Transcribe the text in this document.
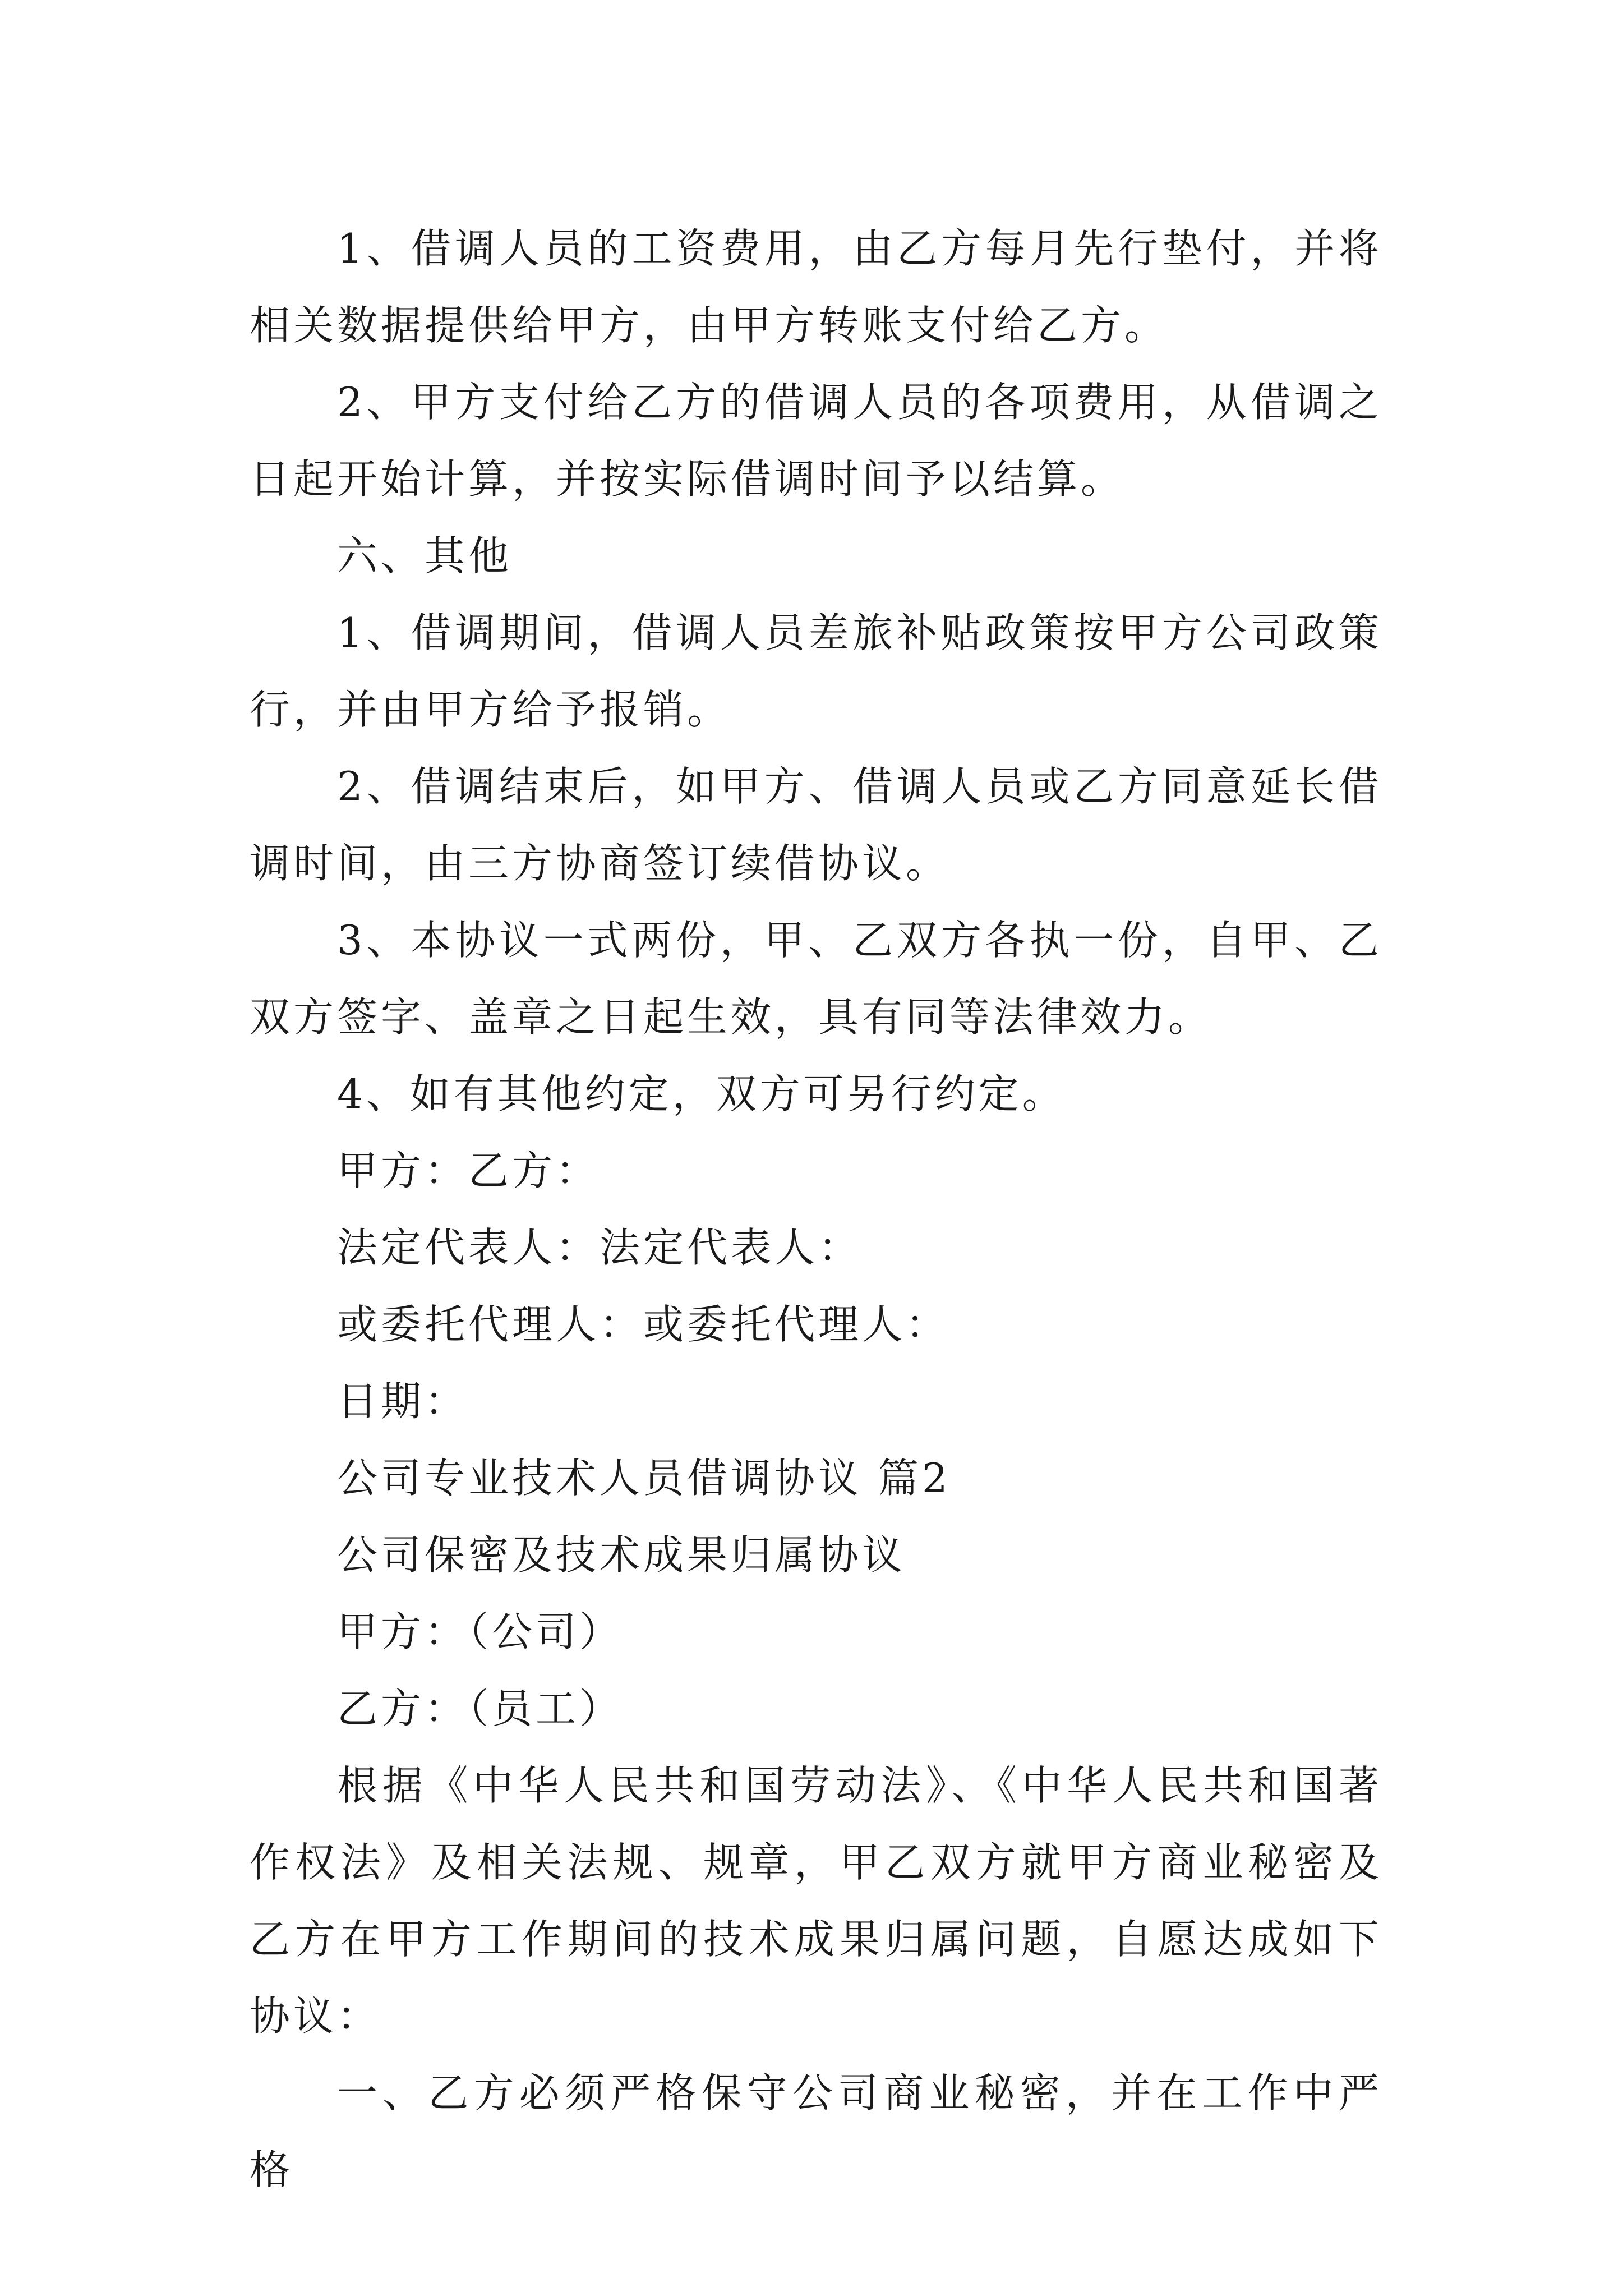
1、借调人员的工资费用，由乙方每月先行垫付，并将相关数据提供给甲方，由甲方转账支付给乙方。

2、甲方支付给乙方的借调人员的各项费用，从借调之日起开始计算，并按实际借调时间予以结算。

六、其他

1、借调期间，借调人员差旅补贴政策按甲方公司政策行，并由甲方给予报销。

2、借调结束后，如甲方、借调人员或乙方同意延长借调时间，由三方协商签订续借协议。

3、本协议一式两份，甲、乙双方各执一份，自甲、乙双方签字、盖章之日起生效，具有同等法律效力。

4、如有其他约定，双方可另行约定。

甲方：乙方：

法定代表人：法定代表人：

或委托代理人：或委托代理人：

日期：

公司专业技术人员借调协议 篇2

公司保密及技术成果归属协议

甲方：（公司）

乙方：（员工）

根据《中华人民共和国劳动法》、《中华人民共和国著作权法》及相关法规、规章，甲乙双方就甲方商业秘密及乙方在甲方工作期间的技术成果归属问题，自愿达成如下协议：

一、乙方必须严格保守公司商业秘密，并在工作中严格
